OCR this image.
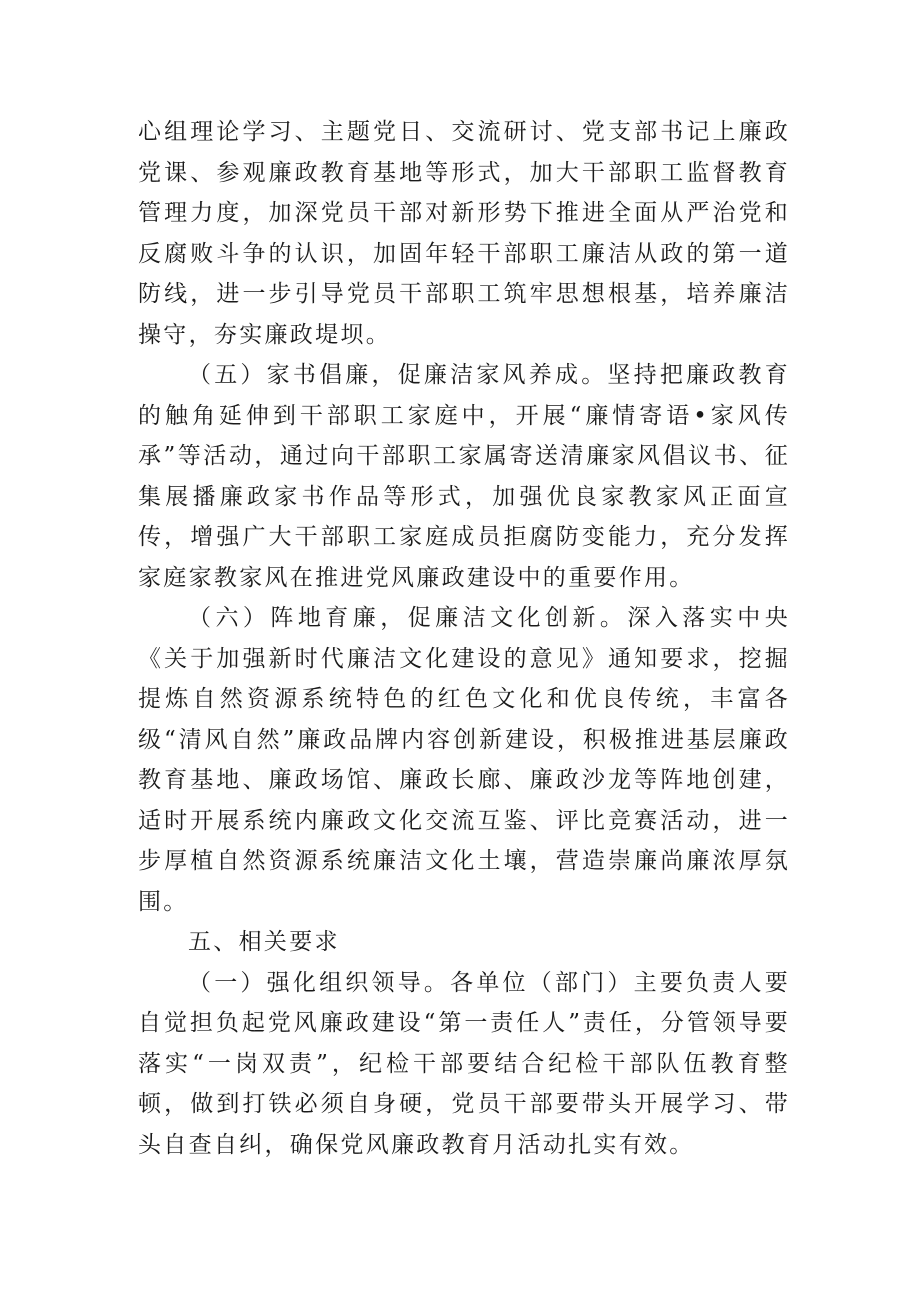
心组理论学习、主题党日、交流研讨、党支部书记上廉政党课、参观廉政教育基地等形式，加大干部职工监督教育管理力度，加深党员干部对新形势下推进全面从严治党和反腐败斗争的认识，加固年轻干部职工廉洁从政的第一道防线，进一步引导党员干部职工筑牢思想根基，培养廉洁操守，夯实廉政堤坝。

（五）家书倡廉，促廉洁家风养成。坚持把廉政教育的触角延伸到干部职工家庭中，开展“廉情寄语•家风传承”等活动，通过向干部职工家属寄送清廉家风倡议书、征集展播廉政家书作品等形式，加强优良家教家风正面宣传，增强广大干部职工家庭成员拒腐防变能力，充分发挥家庭家教家风在推进党风廉政建设中的重要作用。

（六）阵地育廉，促廉洁文化创新。深入落实中央《关于加强新时代廉洁文化建设的意见》通知要求，挖掘提炼自然资源系统特色的红色文化和优良传统，丰富各级“清风自然”廉政品牌内容创新建设，积极推进基层廉政教育基地、廉政场馆、廉政长廊、廉政沙龙等阵地创建，适时开展系统内廉政文化交流互鉴、评比竞赛活动，进一步厚植自然资源系统廉洁文化土壤，营造崇廉尚廉浓厚氛围。

五、相关要求

（一）强化组织领导。各单位（部门）主要负责人要自觉担负起党风廉政建设“第一责任人”责任，分管领导要落实“一岗双责”，纪检干部要结合纪检干部队伍教育整顿，做到打铁必须自身硬，党员干部要带头开展学习、带头自查自纠，确保党风廉政教育月活动扎实有效。
